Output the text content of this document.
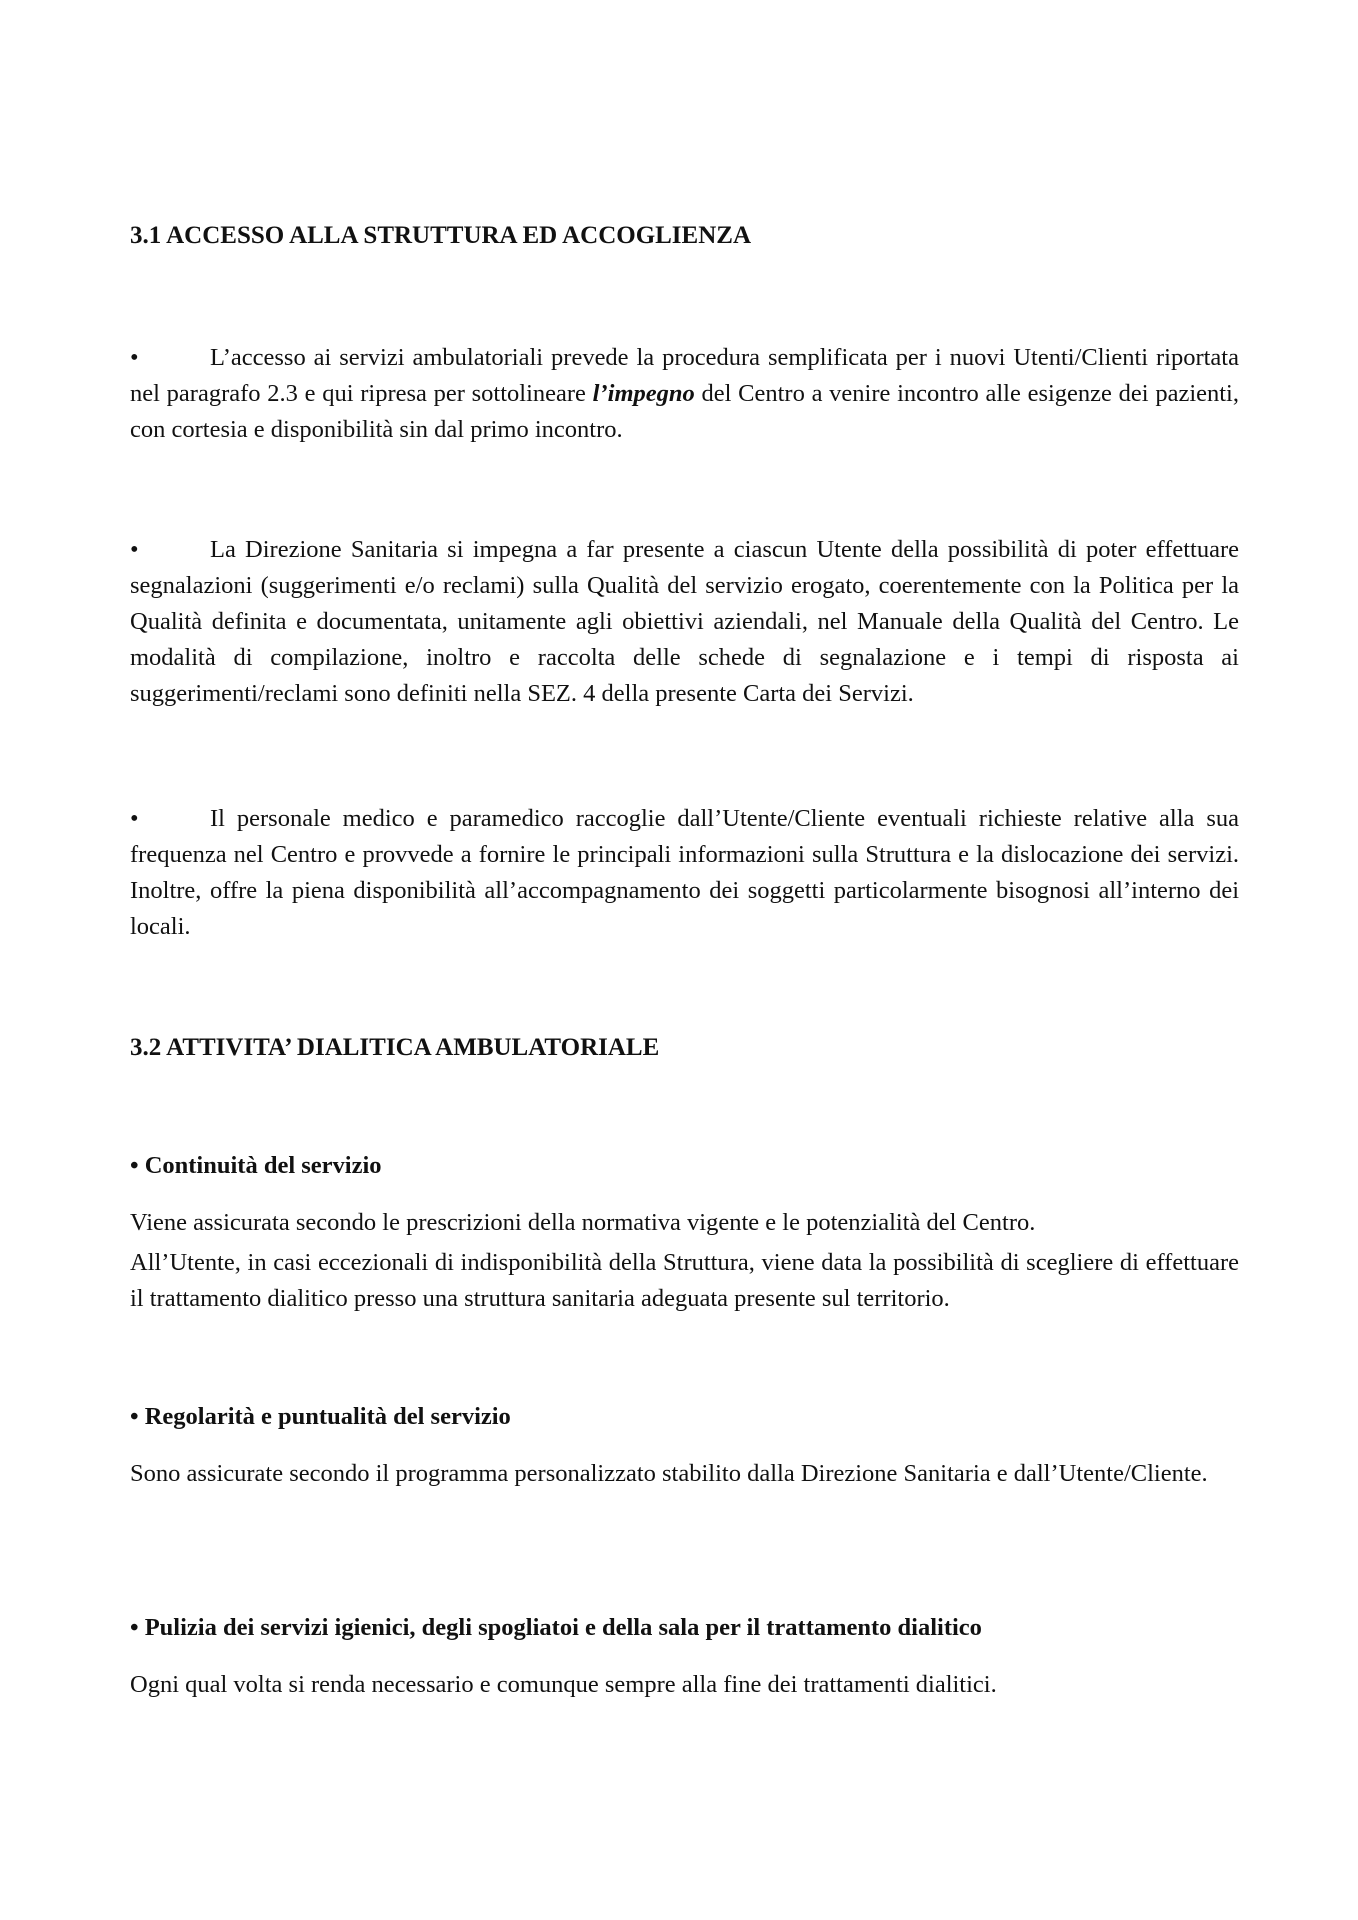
3.1 ACCESSO ALLA STRUTTURA ED ACCOGLIENZA

•	L’accesso ai servizi ambulatoriali prevede la procedura semplificata per i nuovi Utenti/Clienti riportata nel paragrafo 2.3 e qui ripresa per sottolineare l’impegno del Centro a venire incontro alle esigenze dei pazienti, con cortesia e disponibilità sin dal primo incontro.

•	La Direzione Sanitaria si impegna a far presente a ciascun Utente della possibilità di poter effettuare segnalazioni (suggerimenti e/o reclami) sulla Qualità del servizio erogato, coerentemente con la Politica per la Qualità definita e documentata, unitamente agli obiettivi aziendali, nel Manuale della Qualità del Centro. Le modalità di compilazione, inoltro e raccolta delle schede di segnalazione e i tempi di risposta ai suggerimenti/reclami sono definiti nella SEZ. 4 della presente Carta dei Servizi.

•	Il personale medico e paramedico raccoglie dall’Utente/Cliente eventuali richieste relative alla sua frequenza nel Centro e provvede a fornire le principali informazioni sulla Struttura e la dislocazione dei servizi. Inoltre, offre la piena disponibilità all’accompagnamento dei soggetti particolarmente bisognosi all’interno dei locali.

3.2 ATTIVITA’ DIALITICA AMBULATORIALE
• Continuità del servizio

Viene assicurata secondo le prescrizioni della normativa vigente e le potenzialità del Centro.

All’Utente, in casi eccezionali di indisponibilità della Struttura, viene data la possibilità di scegliere di effettuare il trattamento dialitico presso una struttura sanitaria adeguata presente sul territorio.

• Regolarità e puntualità del servizio

Sono assicurate secondo il programma personalizzato stabilito dalla Direzione Sanitaria e dall’Utente/Cliente.

• Pulizia dei servizi igienici, degli spogliatoi e della sala per il trattamento dialitico

Ogni qual volta si renda necessario e comunque sempre alla fine dei trattamenti dialitici.
